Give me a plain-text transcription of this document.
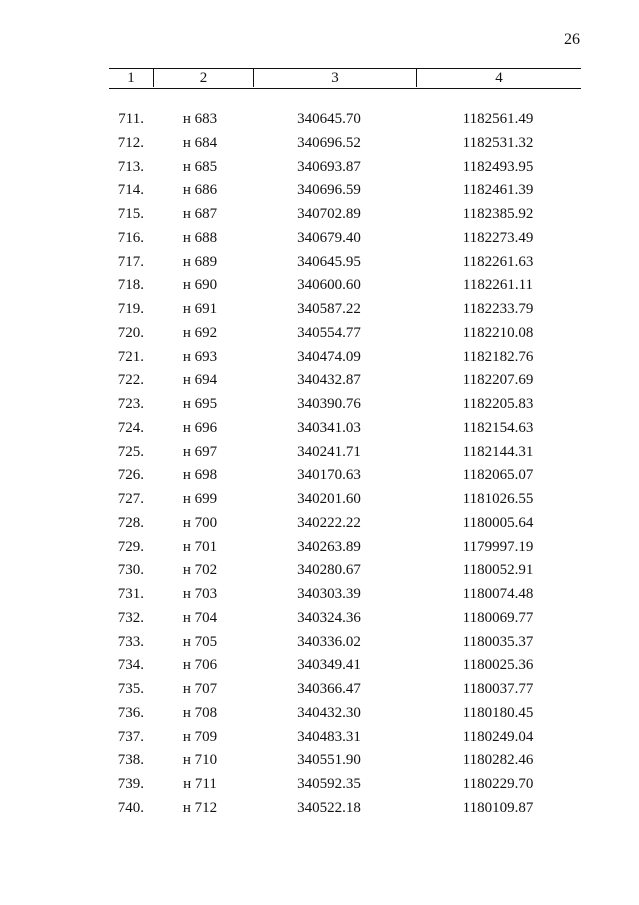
26
1	2	3	4
711.	н 683	340645.70	1182561.49
712.	н 684	340696.52	1182531.32
713.	н 685	340693.87	1182493.95
714.	н 686	340696.59	1182461.39
715.	н 687	340702.89	1182385.92
716.	н 688	340679.40	1182273.49
717.	н 689	340645.95	1182261.63
718.	н 690	340600.60	1182261.11
719.	н 691	340587.22	1182233.79
720.	н 692	340554.77	1182210.08
721.	н 693	340474.09	1182182.76
722.	н 694	340432.87	1182207.69
723.	н 695	340390.76	1182205.83
724.	н 696	340341.03	1182154.63
725.	н 697	340241.71	1182144.31
726.	н 698	340170.63	1182065.07
727.	н 699	340201.60	1181026.55
728.	н 700	340222.22	1180005.64
729.	н 701	340263.89	1179997.19
730.	н 702	340280.67	1180052.91
731.	н 703	340303.39	1180074.48
732.	н 704	340324.36	1180069.77
733.	н 705	340336.02	1180035.37
734.	н 706	340349.41	1180025.36
735.	н 707	340366.47	1180037.77
736.	н 708	340432.30	1180180.45
737.	н 709	340483.31	1180249.04
738.	н 710	340551.90	1180282.46
739.	н 711	340592.35	1180229.70
740.	н 712	340522.18	1180109.87
